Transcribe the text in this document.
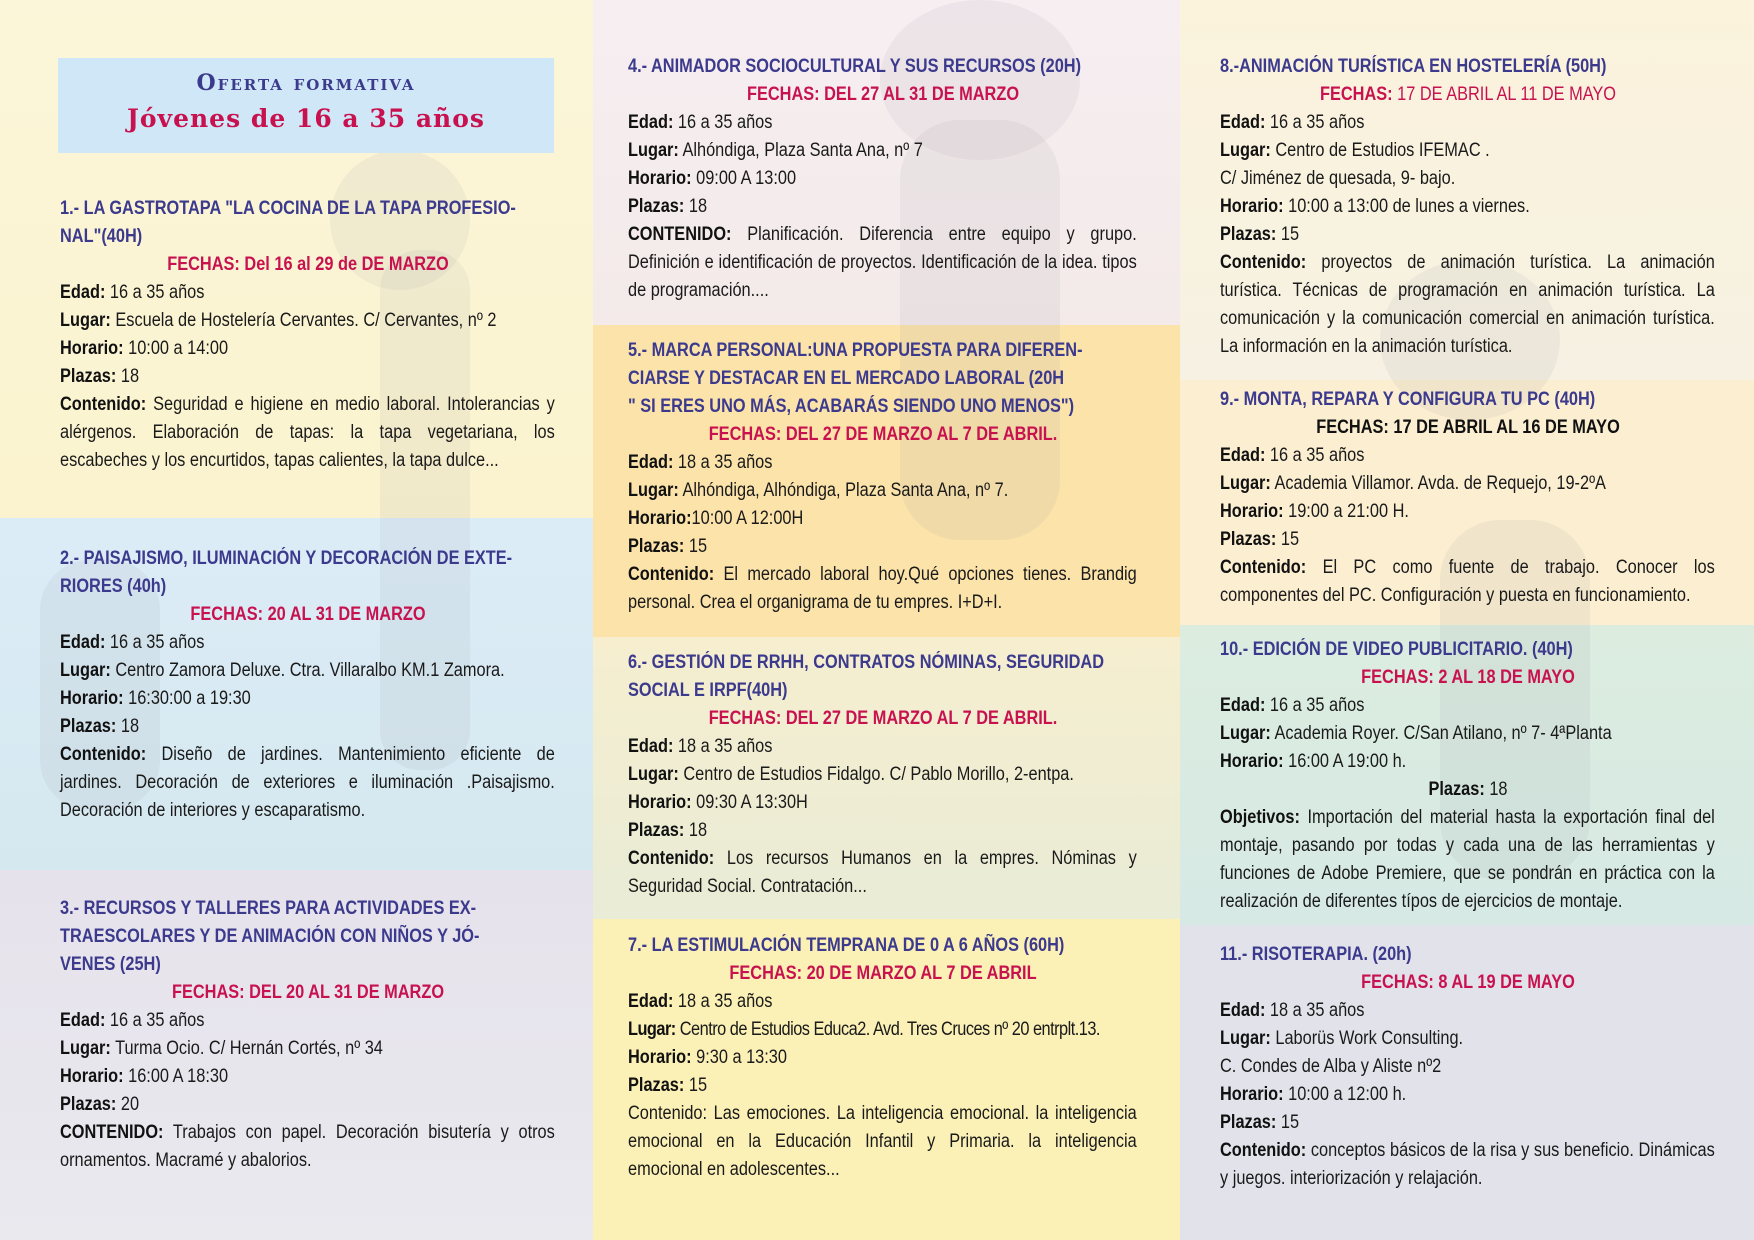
Oferta formativa
Jóvenes de 16 a 35 años
1.- LA GASTROTAPA "LA COCINA DE LA TAPA PROFESIO-
NAL"(40H)
FECHAS: Del 16 al 29 de DE MARZO
Edad: 16 a 35 años
Lugar: Escuela de Hostelería Cervantes. C/ Cervantes, nº 2
Horario: 10:00 a 14:00
Plazas: 18
Contenido: Seguridad e higiene en medio laboral. Intolerancias y alérgenos. Elaboración de tapas: la tapa vegetariana, los escabeches y los encurtidos, tapas calientes, la tapa dulce...
2.- PAISAJISMO, ILUMINACIÓN Y DECORACIÓN DE EXTE-
RIORES (40h)
FECHAS: 20 AL 31 DE MARZO
Edad: 16 a 35 años
Lugar: Centro Zamora Deluxe. Ctra. Villaralbo KM.1 Zamora.
Horario: 16:30:00 a 19:30
Plazas: 18
Contenido: Diseño de jardines. Mantenimiento eficiente de jardines. Decoración de exteriores e iluminación .Paisajismo. Decoración de interiores y escaparatismo.
3.- RECURSOS Y TALLERES PARA ACTIVIDADES EX-
TRAESCOLARES Y DE ANIMACIÓN CON NIÑOS Y JÓ-
VENES (25H)
FECHAS: DEL 20 AL 31 DE MARZO
Edad: 16 a 35 años
Lugar: Turma Ocio. C/ Hernán Cortés, nº 34
Horario: 16:00 A 18:30
Plazas: 20
CONTENIDO: Trabajos con papel. Decoración bisutería y otros ornamentos. Macramé y abalorios.
4.- ANIMADOR SOCIOCULTURAL Y SUS RECURSOS (20H)
FECHAS: DEL 27 AL 31 DE MARZO
Edad: 16 a 35 años
Lugar: Alhóndiga, Plaza Santa Ana, nº 7
Horario: 09:00 A 13:00
Plazas: 18
CONTENIDO: Planificación. Diferencia entre equipo y grupo. Definición e identificación de proyectos. Identificación de la idea. tipos de programación....
5.- MARCA PERSONAL:UNA PROPUESTA PARA DIFEREN-
CIARSE Y DESTACAR EN EL MERCADO LABORAL (20H
" SI ERES UNO MÁS, ACABARÁS SIENDO UNO MENOS")
FECHAS: DEL 27 DE MARZO AL 7 DE ABRIL.
Edad: 18 a 35 años
Lugar: Alhóndiga, Alhóndiga, Plaza Santa Ana, nº 7.
Horario:10:00 A 12:00H
Plazas: 15
Contenido: El mercado laboral hoy.Qué opciones tienes. Brandig personal. Crea el organigrama de tu empres. I+D+I.
6.- GESTIÓN DE RRHH, CONTRATOS NÓMINAS, SEGURIDAD
SOCIAL E IRPF(40H)
FECHAS: DEL 27 DE MARZO AL 7 DE ABRIL.
Edad: 18 a 35 años
Lugar: Centro de Estudios Fidalgo. C/ Pablo Morillo, 2-entpa.
Horario: 09:30 A 13:30H
Plazas: 18
Contenido: Los recursos Humanos en la empres. Nóminas y Seguridad Social. Contratación...
7.- LA ESTIMULACIÓN TEMPRANA DE 0 A 6 AÑOS (60H)
FECHAS: 20 DE MARZO AL 7 DE ABRIL
Edad: 18 a 35 años
Lugar: Centro de Estudios Educa2. Avd. Tres Cruces nº 20 entrplt.13.
Horario: 9:30 a 13:30
Plazas: 15
Contenido: Las emociones. La inteligencia emocional. la inteligencia emocional en la Educación Infantil y Primaria. la inteligencia emocional en adolescentes...
8.-ANIMACIÓN TURÍSTICA EN HOSTELERÍA (50H)
FECHAS: 17 DE ABRIL AL 11 DE MAYO
Edad: 16 a 35 años
Lugar: Centro de Estudios IFEMAC .
C/ Jiménez de quesada, 9- bajo.
Horario: 10:00 a 13:00 de lunes a viernes.
Plazas: 15
Contenido: proyectos de animación turística. La animación turística. Técnicas de programación en animación turística. La comunicación y la comunicación comercial en animación turística. La información en la animación turística.
9.- MONTA, REPARA Y CONFIGURA TU PC (40H)
FECHAS: 17 DE ABRIL AL 16 DE MAYO
Edad: 16 a 35 años
Lugar: Academia Villamor. Avda. de Requejo, 19-2ºA
Horario: 19:00 a 21:00 H.
Plazas: 15
Contenido: El PC como fuente de trabajo. Conocer los componentes del PC. Configuración y puesta en funcionamiento.
10.- EDICIÓN DE VIDEO PUBLICITARIO. (40H)
FECHAS: 2 AL 18 DE MAYO
Edad: 16 a 35 años
Lugar: Academia Royer. C/San Atilano, nº 7- 4ªPlanta
Horario: 16:00 A 19:00 h.
Plazas: 18
Objetivos: Importación del material hasta la exportación final del montaje, pasando por todas y cada una de las herramientas y funciones de Adobe Premiere, que se pondrán en práctica con la realización de diferentes típos de ejercicios de montaje.
11.- RISOTERAPIA. (20h)
FECHAS: 8 AL 19 DE MAYO
Edad: 18 a 35 años
Lugar: Laborüs Work Consulting.
C. Condes de Alba y Aliste nº2
Horario: 10:00 a 12:00 h.
Plazas: 15
Contenido: conceptos básicos de la risa y sus beneficio. Dinámicas y juegos. interiorización y relajación.
